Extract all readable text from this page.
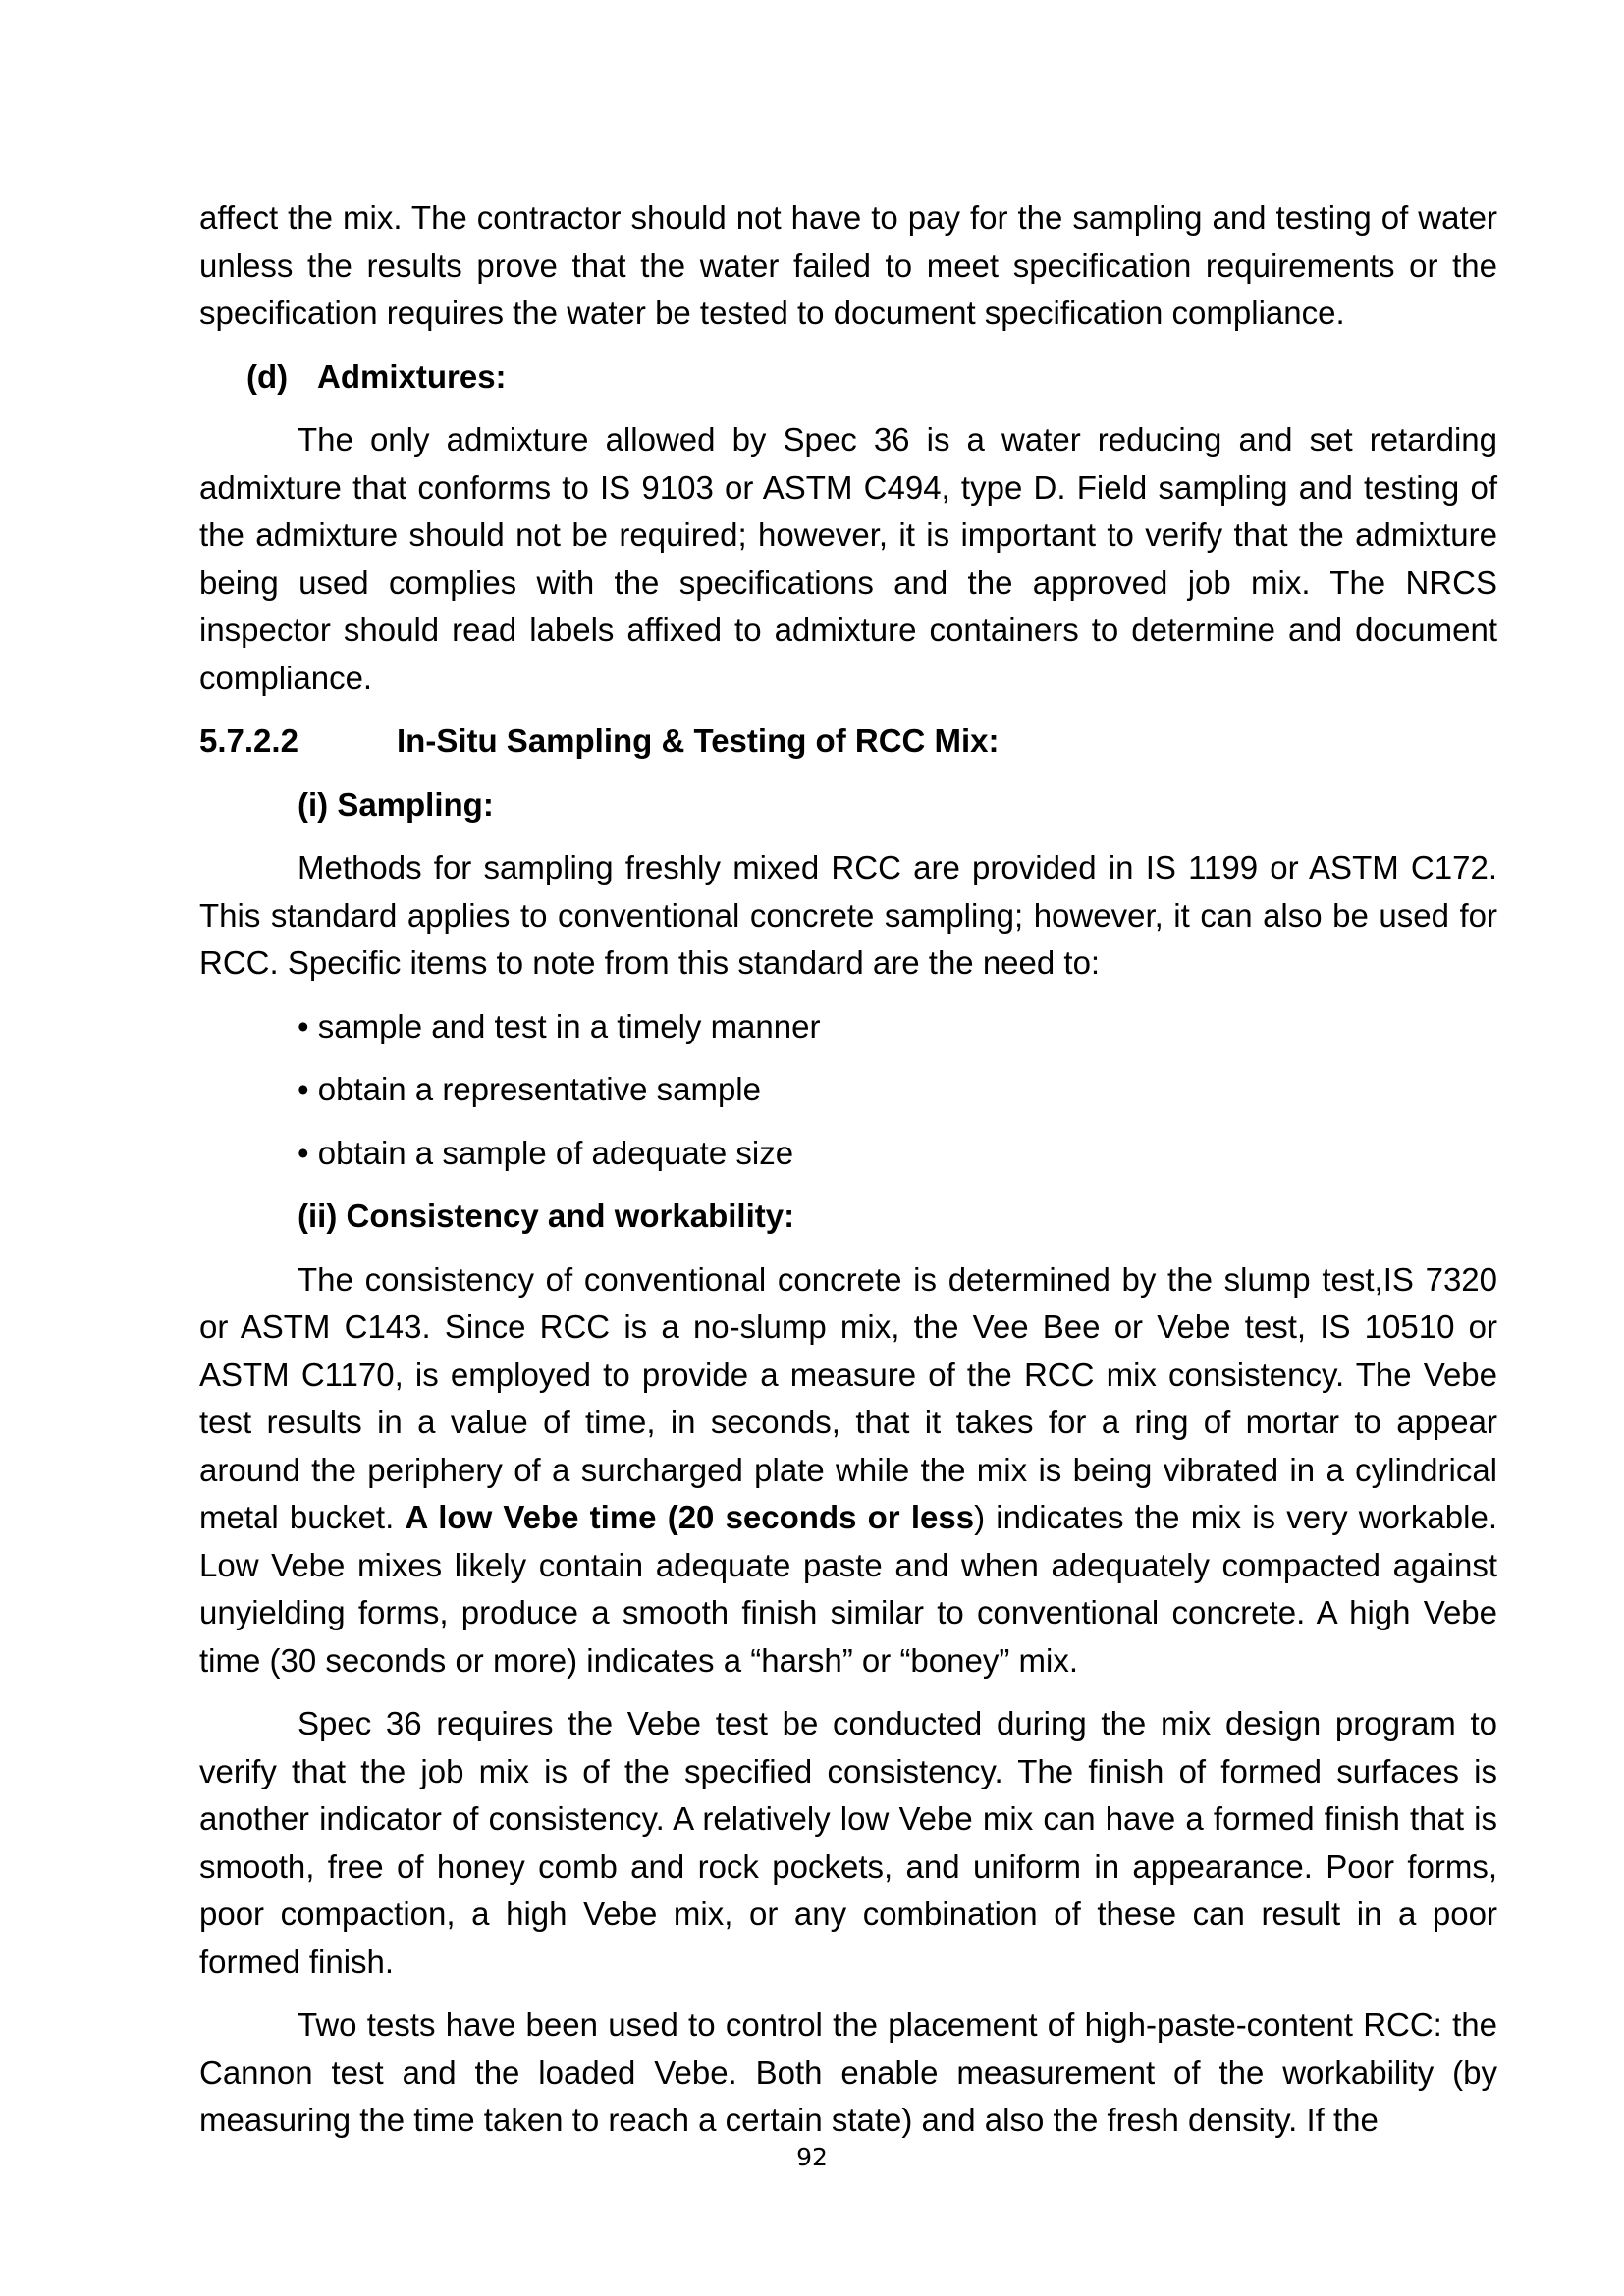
affect the mix. The contractor should not have to pay for the sampling and testing of water unless the results prove that the water failed to meet specification requirements or the specification requires the water be tested to document specification compliance.

(d) Admixtures:

The only admixture allowed by Spec 36 is a water reducing and set retarding admixture that conforms to IS 9103 or ASTM C494, type D. Field sampling and testing of the admixture should not be required; however, it is important to verify that the admixture being used complies with the specifications and the approved job mix. The NRCS inspector should read labels affixed to admixture containers to determine and document compliance.

5.7.2.2	In-Situ Sampling & Testing of RCC Mix:

(i) Sampling:

Methods for sampling freshly mixed RCC are provided in IS 1199 or ASTM C172. This standard applies to conventional concrete sampling; however, it can also be used for RCC. Specific items to note from this standard are the need to:

• sample and test in a timely manner

• obtain a representative sample

• obtain a sample of adequate size

(ii) Consistency and workability:

The consistency of conventional concrete is determined by the slump test,IS 7320 or ASTM C143. Since RCC is a no-slump mix, the Vee Bee or Vebe test, IS 10510 or ASTM C1170, is employed to provide a measure of the RCC mix consistency. The Vebe test results in a value of time, in seconds, that it takes for a ring of mortar to appear around the periphery of a surcharged plate while the mix is being vibrated in a cylindrical metal bucket. A low Vebe time (20 seconds or less) indicates the mix is very workable. Low Vebe mixes likely contain adequate paste and when adequately compacted against unyielding forms, produce a smooth finish similar to conventional concrete. A high Vebe time (30 seconds or more) indicates a “harsh” or “boney” mix.

Spec 36 requires the Vebe test be conducted during the mix design program to verify that the job mix is of the specified consistency. The finish of formed surfaces is another indicator of consistency. A relatively low Vebe mix can have a formed finish that is smooth, free of honey comb and rock pockets, and uniform in appearance. Poor forms, poor compaction, a high Vebe mix, or any combination of these can result in a poor formed finish.

Two tests have been used to control the placement of high-paste-content RCC: the Cannon test and the loaded Vebe. Both enable measurement of the workability (by measuring the time taken to reach a certain state) and also the fresh density. If the

92
